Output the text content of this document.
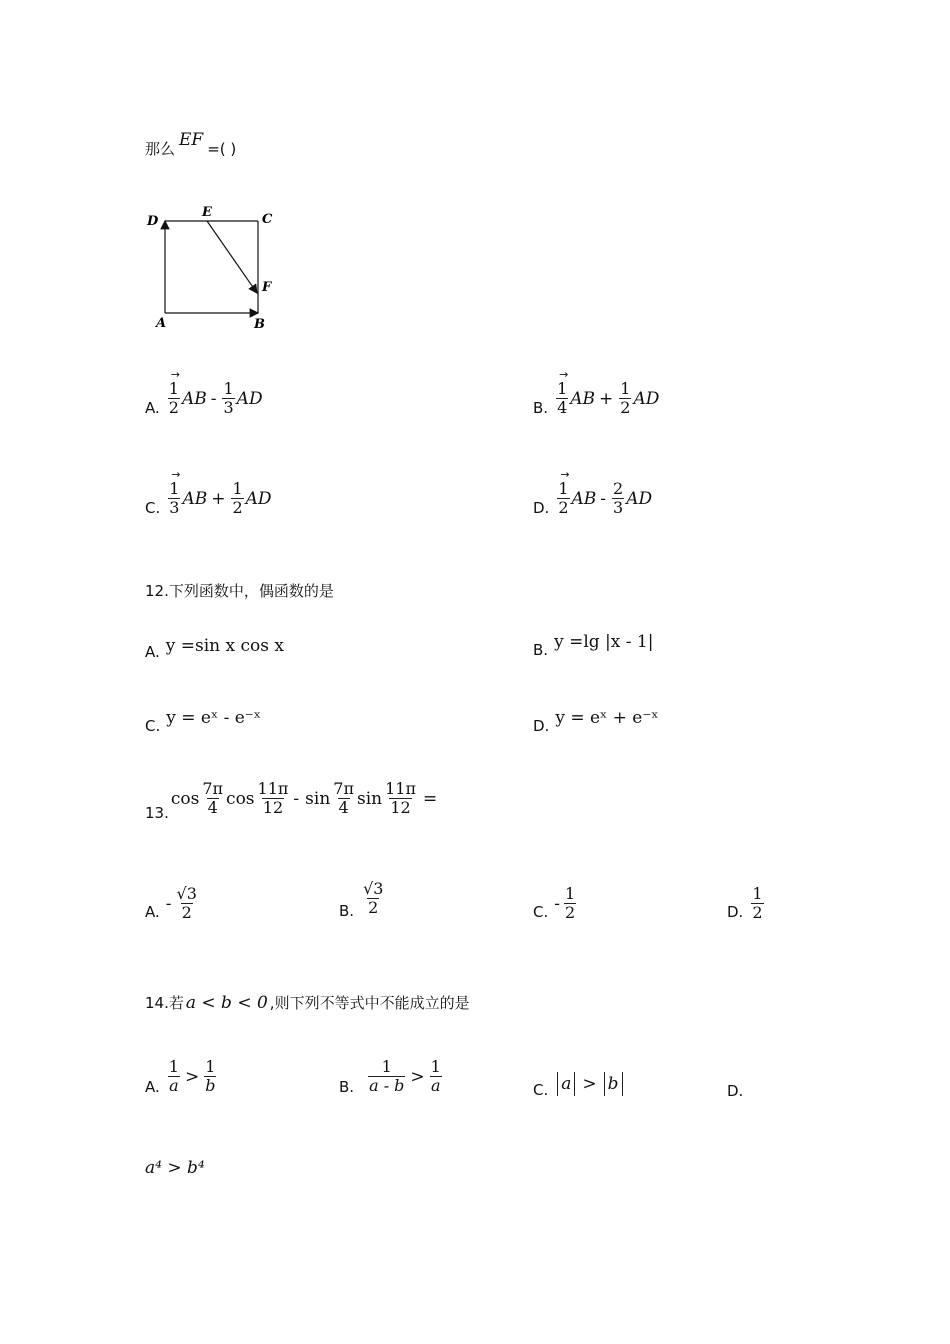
那么 EF =( )
D
E	C
F
A	B
A.
→
1
2 AB - $\frac{1}{3}$ AD	B.
→
1
4 AB + $\frac{1}{2}$ AD
C.
→
1
3 AB + $\frac{1}{2}$ AD	D.
→
1
2 AB - $\frac{2}{3}$ AD
12.下列函数中，偶函数的是
A. y =sin x cos x	B. y =lg |x - 1|
C. y = eˣ - e⁻ˣ	D. y = eˣ + e⁻ˣ
13.
$\cos \frac{7\pi}{4}$ $\cos \frac{11\pi}{12}$ - $\sin \frac{7\pi}{4}$ $\sin \frac{11\pi}{12}$ =
A. - $\frac{√3}{2}$	B. $\frac{√3}{2}$	C. - $\frac{1}{2}$	D. $\frac{1}{2}$
14.若 a < b < 0 ,则下列不等式中不能成立的是
A. $\frac{1}{a} > \frac{1}{b}$	B. $\frac{1}{a - b} > \frac{1}{a}$	C. a > b	D.
a⁴ > b⁴
